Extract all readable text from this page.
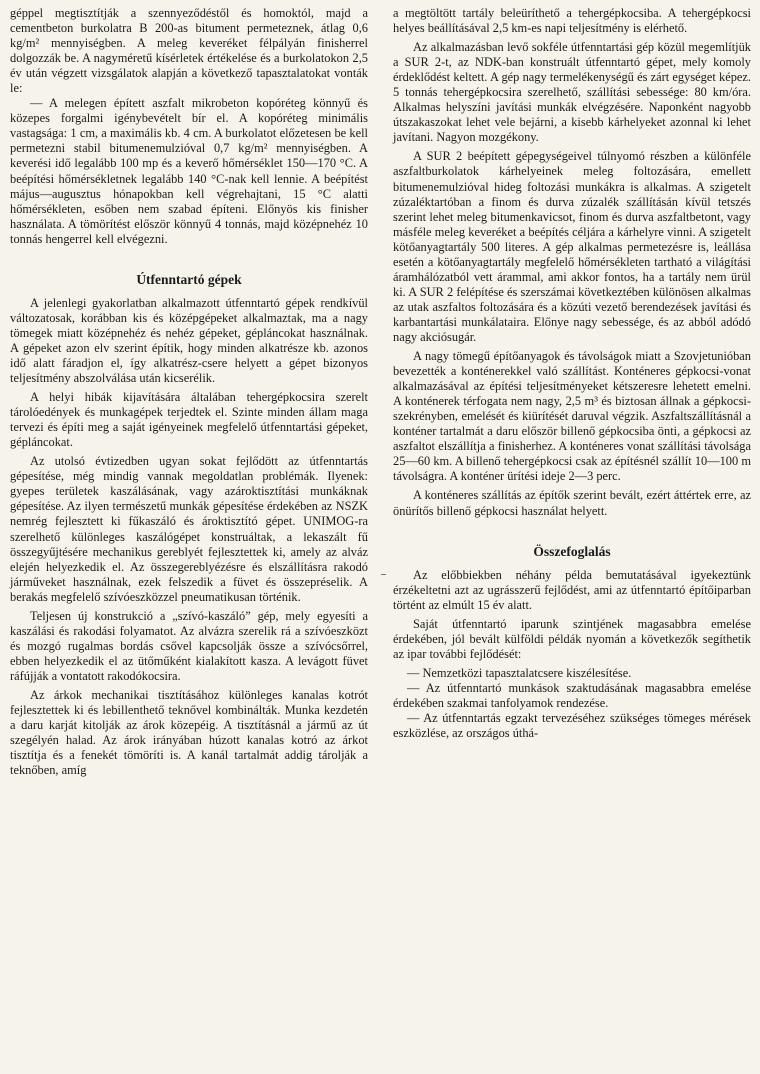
géppel megtisztítják a szennyeződéstől és homoktól, majd a cementbeton burkolatra B 200-as bitument permeteznek, átlag 0,6 kg/m² mennyiségben. A meleg keveréket félpályán finisherrel dolgozzák be. A nagyméretű kísérletek értékelése és a burkolatokon 2,5 év után végzett vizsgálatok alapján a következő tapasztalatokat vonták le:

— A melegen épített aszfalt mikrobeton kopóréteg könnyű és közepes forgalmi igénybevételt bír el. A kopóréteg minimális vastagsága: 1 cm, a maximális kb. 4 cm. A burkolatot előzetesen be kell permetezni stabil bitumenemulzióval 0,7 kg/m² mennyiségben. A keverési idő legalább 100 mp és a keverő hőmérséklet 150—170 °C. A beépítési hőmérsékletnek legalább 140 °C-nak kell lennie. A beépítést május—augusztus hónapokban kell végrehajtani, 15 °C alatti hőmérsékleten, esőben nem szabad építeni. Előnyös kis finisher használata. A tömörítést először könnyű 4 tonnás, majd középnehéz 10 tonnás hengerrel kell elvégezni.

Útfenntartó gépek

A jelenlegi gyakorlatban alkalmazott útfenntartó gépek rendkívül változatosak, korábban kis és középgépeket alkalmaztak, ma a nagy tömegek miatt középnehéz és nehéz gépeket, gépláncokat használnak. A gépeket azon elv szerint építik, hogy minden alkatrésze kb. azonos idő alatt fáradjon el, így alkatrész-csere helyett a gépet bizonyos teljesítmény abszolválása után kicserélik.

A helyi hibák kijavítására általában tehergépkocsira szerelt tárolóedények és munkagépek terjedtek el. Szinte minden állam maga tervezi és építi meg a saját igényeinek megfelelő útfenntartási gépeket, gépláncokat.

Az utolsó évtizedben ugyan sokat fejlődött az útfenntartás gépesítése, még mindig vannak megoldatlan problémák. Ilyenek: gyepes területek kaszálásának, vagy azároktisztítási munkáknak gépesítése. Az ilyen természetű munkák gépesítése érdekében az NSZK nemrég fejlesztett ki fűkaszáló és ároktisztító gépet. UNIMOG-ra szerelhető különleges kaszálógépet konstruáltak, a lekaszált fű összegyűjtésére mechanikus gereblyét fejlesztettek ki, amely az alváz elején helyezkedik el. Az összegereblyézésre és elszállításra rakodó járműveket használnak, ezek felszedik a füvet és összepréselik. A berakás megfelelő szívóeszközzel pneumatikusan történik.

Teljesen új konstrukció a „szívó-kaszáló” gép, mely egyesíti a kaszálási és rakodási folyamatot. Az alvázra szerelik rá a szívóeszközt és mozgó rugalmas bordás csővel kapcsolják össze a szívócsőrrel, ebben helyezkedik el az ütőműként kialakított kasza. A levágott füvet ráfújják a vontatott rakodókocsira.

Az árkok mechanikai tisztításához különleges kanalas kotrót fejlesztettek ki és lebillenthető teknővel kombinálták. Munka kezdetén a daru karját kitolják az árok közepéig. A tisztításnál a jármű az út szegélyén halad. Az árok irányában húzott kanalas kotró az árkot tisztítja és a fenekét tömöríti is. A kanál tartalmát addig tárolják a teknőben, amíg

a megtöltött tartály beleüríthető a tehergépkocsiba. A tehergépkocsi helyes beállításával 2,5 km-es napi teljesítmény is elérhető.

Az alkalmazásban levő sokféle útfenntartási gép közül megemlítjük a SUR 2-t, az NDK-ban konstruált útfenntartó gépet, mely komoly érdeklődést keltett. A gép nagy termelékenységű és zárt egységet képez. 5 tonnás tehergépkocsira szerelhető, szállítási sebessége: 80 km/óra. Alkalmas helyszíni javítási munkák elvégzésére. Naponként nagyobb útszakaszokat lehet vele bejárni, a kisebb kárhelyeket azonnal ki lehet javítani. Nagyon mozgékony.

A SUR 2 beépített gépegységeivel túlnyomó részben a különféle aszfaltburkolatok kárhelyeinek meleg foltozására, emellett bitumenemulzióval hideg foltozási munkákra is alkalmas. A szigetelt zúzaléktartóban a finom és durva zúzalék szállításán kívül tetszés szerint lehet meleg bitumenkavicsot, finom és durva aszfaltbetont, vagy másféle meleg keveréket a beépítés céljára a kárhelyre vinni. A szigetelt kötőanyagtartály 500 literes. A gép alkalmas permetezésre is, leállása esetén a kötőanyagtartály megfelelő hőmérsékleten tartható a világítási áramhálózatból vett árammal, ami akkor fontos, ha a tartály nem ürül ki. A SUR 2 felépítése és szerszámai következtében különösen alkalmas az utak aszfaltos foltozására és a közúti vezető berendezések javítási és karbantartási munkálataira. Előnye nagy sebessége, és az abból adódó nagy akciósugár.

A nagy tömegű építőanyagok és távolságok miatt a Szovjetunióban bevezették a konténerekkel való szállítást. Konténeres gépkocsi-vonat alkalmazásával az építési teljesítményeket kétszeresre lehetett emelni. A konténerek térfogata nem nagy, 2,5 m³ és biztosan állnak a gépkocsi-szekrényben, emelését és kiürítését daruval végzik. Aszfaltszállításnál a konténer tartalmát a daru először billenő gépkocsiba önti, a gépkocsi az aszfaltot elszállítja a finisherhez. A konténeres vonat szállítási távolsága 25—60 km. A billenő tehergépkocsi csak az építésnél szállít 10—100 m távolságra. A konténer ürítési ideje 2—3 perc.

A konténeres szállítás az építők szerint bevált, ezért áttértek erre, az önürítős billenő gépkocsi használat helyett.

Összefoglalás

Az előbbiekben néhány példa bemutatásával igyekeztünk érzékeltetni azt az ugrásszerű fejlődést, ami az útfenntartó építőiparban történt az elmúlt 15 év alatt.

Saját útfenntartó iparunk szintjének magasabbra emelése érdekében, jól bevált külföldi példák nyomán a következők segíthetik az ipar további fejlődését:

— Nemzetközi tapasztalatcsere kiszélesítése.

— Az útfenntartó munkások szaktudásának magasabbra emelése érdekében szakmai tanfolyamok rendezése.

— Az útfenntartás egzakt tervezéséhez szükséges tömeges mérések eszközlése, az országos úthá-
